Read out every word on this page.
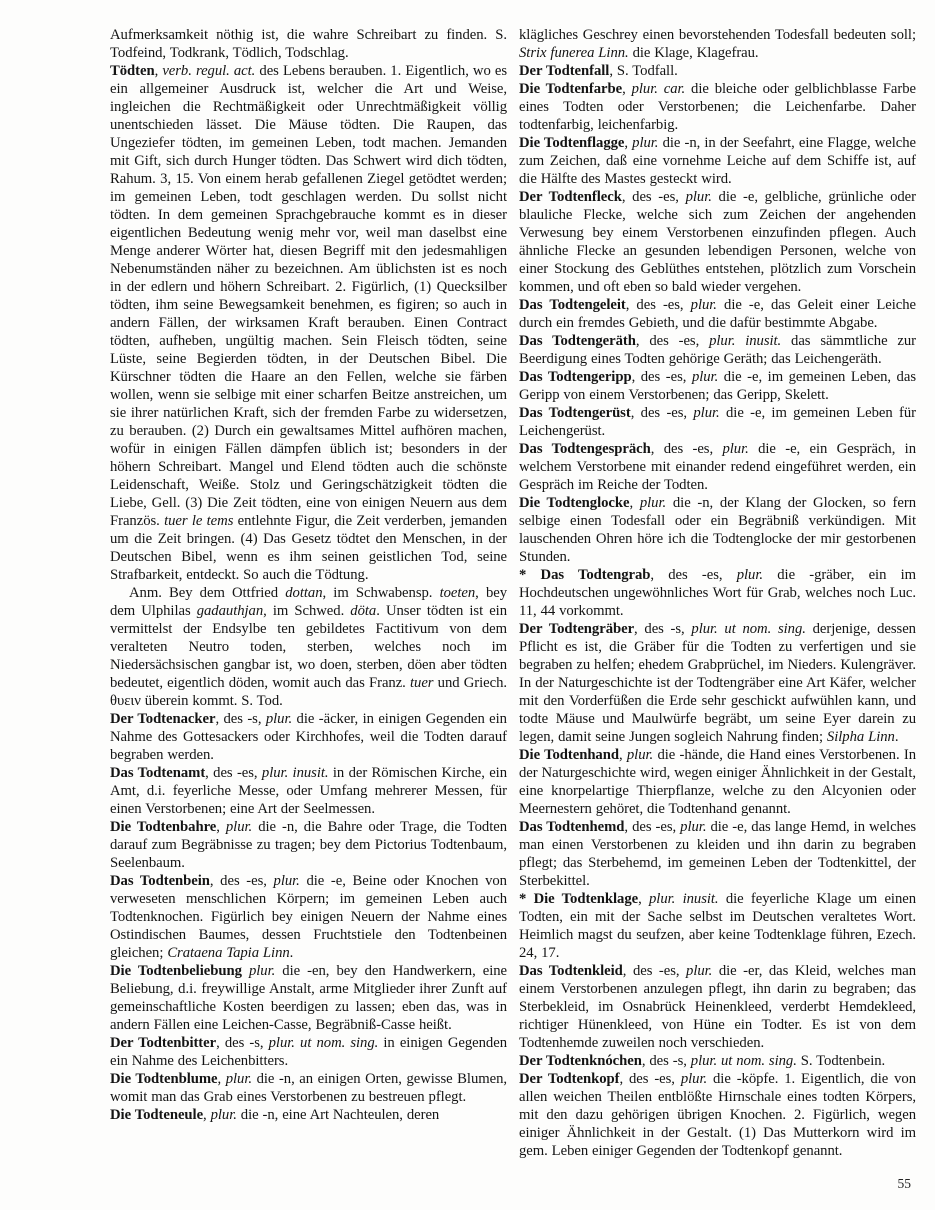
Aufmerksamkeit nöthig ist, die wahre Schreibart zu finden. S. Todfeind, Todkrank, Tödlich, Todschlag.

Tödten, verb. regul. act. des Lebens berauben. 1. Eigentlich, wo es ein allgemeiner Ausdruck ist, welcher die Art und Weise, ingleichen die Rechtmäßigkeit oder Unrechtmäßigkeit völlig unentschieden lässet. Die Mäuse tödten. Die Raupen, das Ungeziefer tödten, im gemeinen Leben, todt machen. Jemanden mit Gift, sich durch Hunger tödten. Das Schwert wird dich tödten, Rahum. 3, 15. Von einem herab gefallenen Ziegel getödtet werden; im gemeinen Leben, todt geschlagen werden. Du sollst nicht tödten. In dem gemeinen Sprachgebrauche kommt es in dieser eigentlichen Bedeutung wenig mehr vor, weil man daselbst eine Menge anderer Wörter hat, diesen Begriff mit den jedesmahligen Nebenumständen näher zu bezeichnen. Am üblichsten ist es noch in der edlern und höhern Schreibart. 2. Figürlich, (1) Quecksilber tödten, ihm seine Bewegsamkeit benehmen, es figiren; so auch in andern Fällen, der wirksamen Kraft berauben. Einen Contract tödten, aufheben, ungültig machen. Sein Fleisch tödten, seine Lüste, seine Begierden tödten, in der Deutschen Bibel. Die Kürschner tödten die Haare an den Fellen, welche sie färben wollen, wenn sie selbige mit einer scharfen Beitze anstreichen, um sie ihrer natürlichen Kraft, sich der fremden Farbe zu widersetzen, zu berauben. (2) Durch ein gewaltsames Mittel aufhören machen, wofür in einigen Fällen dämpfen üblich ist; besonders in der höhern Schreibart. Mangel und Elend tödten auch die schönste Leidenschaft, Weiße. Stolz und Geringschätzigkeit tödten die Liebe, Gell. (3) Die Zeit tödten, eine von einigen Neuern aus dem Französ. tuer le tems entlehnte Figur, die Zeit verderben, jemanden um die Zeit bringen. (4) Das Gesetz tödtet den Menschen, in der Deutschen Bibel, wenn es ihm seinen geistlichen Tod, seine Strafbarkeit, entdeckt. So auch die Tödtung.

Anm. Bey dem Ottfried dottan, im Schwabensp. toeten, bey dem Ulphilas gadauthjan, im Schwed. döta. Unser tödten ist ein vermittelst der Endsylbe ten gebildetes Factitivum von dem veralteten Neutro toden, sterben, welches noch im Niedersächsischen gangbar ist, wo doen, sterben, döen aber tödten bedeutet, eigentlich döden, womit auch das Franz. tuer und Griech. θυειν überein kommt. S. Tod.

Der Todtenacker, des -s, plur. die -äcker, in einigen Gegenden ein Nahme des Gottesackers oder Kirchhofes, weil die Todten darauf begraben werden.

Das Todtenamt, des -es, plur. inusit. in der Römischen Kirche, ein Amt, d.i. feyerliche Messe, oder Umfang mehrerer Messen, für einen Verstorbenen; eine Art der Seelmessen.

Die Todtenbahre, plur. die -n, die Bahre oder Trage, die Todten darauf zum Begräbnisse zu tragen; bey dem Pictorius Todtenbaum, Seelenbaum.

Das Todtenbein, des -es, plur. die -e, Beine oder Knochen von verweseten menschlichen Körpern; im gemeinen Leben auch Todtenknochen. Figürlich bey einigen Neuern der Nahme eines Ostindischen Baumes, dessen Fruchtstiele den Todtenbeinen gleichen; Crataena Tapia Linn.

Die Todtenbeliebung plur. die -en, bey den Handwerkern, eine Beliebung, d.i. freywillige Anstalt, arme Mitglieder ihrer Zunft auf gemeinschaftliche Kosten beerdigen zu lassen; eben das, was in andern Fällen eine Leichen-Casse, Begräbniß-Casse heißt.

Der Todtenbitter, des -s, plur. ut nom. sing. in einigen Gegenden ein Nahme des Leichenbitters.

Die Todtenblume, plur. die -n, an einigen Orten, gewisse Blumen, womit man das Grab eines Verstorbenen zu bestreuen pflegt.

Die Todteneule, plur. die -n, eine Art Nachteulen, deren

klägliches Geschrey einen bevorstehenden Todesfall bedeuten soll; Strix funerea Linn. die Klage, Klagefrau.

Der Todtenfall, S. Todfall.

Die Todtenfarbe, plur. car. die bleiche oder gelblichblasse Farbe eines Todten oder Verstorbenen; die Leichenfarbe. Daher todtenfarbig, leichenfarbig.

Die Todtenflagge, plur. die -n, in der Seefahrt, eine Flagge, welche zum Zeichen, daß eine vornehme Leiche auf dem Schiffe ist, auf die Hälfte des Mastes gesteckt wird.

Der Todtenfleck, des -es, plur. die -e, gelbliche, grünliche oder blauliche Flecke, welche sich zum Zeichen der angehenden Verwesung bey einem Verstorbenen einzufinden pflegen. Auch ähnliche Flecke an gesunden lebendigen Personen, welche von einer Stockung des Geblüthes entstehen, plötzlich zum Vorschein kommen, und oft eben so bald wieder vergehen.

Das Todtengeleit, des -es, plur. die -e, das Geleit einer Leiche durch ein fremdes Gebieth, und die dafür bestimmte Abgabe.

Das Todtengeräth, des -es, plur. inusit. das sämmtliche zur Beerdigung eines Todten gehörige Geräth; das Leichengeräth.

Das Todtengeripp, des -es, plur. die -e, im gemeinen Leben, das Geripp von einem Verstorbenen; das Geripp, Skelett.

Das Todtengerüst, des -es, plur. die -e, im gemeinen Leben für Leichengerüst.

Das Todtengespräch, des -es, plur. die -e, ein Gespräch, in welchem Verstorbene mit einander redend eingeführet werden, ein Gespräch im Reiche der Todten.

Die Todtenglocke, plur. die -n, der Klang der Glocken, so fern selbige einen Todesfall oder ein Begräbniß verkündigen. Mit lauschenden Ohren höre ich die Todtenglocke der mir gestorbenen Stunden.

* Das Todtengrab, des -es, plur. die -gräber, ein im Hochdeutschen ungewöhnliches Wort für Grab, welches noch Luc. 11, 44 vorkommt.

Der Todtengräber, des -s, plur. ut nom. sing. derjenige, dessen Pflicht es ist, die Gräber für die Todten zu verfertigen und sie begraben zu helfen; ehedem Grabprüchel, im Nieders. Kulengräver. In der Naturgeschichte ist der Todtengräber eine Art Käfer, welcher mit den Vorderfüßen die Erde sehr geschickt aufwühlen kann, und todte Mäuse und Maulwürfe begräbt, um seine Eyer darein zu legen, damit seine Jungen sogleich Nahrung finden; Silpha Linn.

Die Todtenhand, plur. die -hände, die Hand eines Verstorbenen. In der Naturgeschichte wird, wegen einiger Ähnlichkeit in der Gestalt, eine knorpelartige Thierpflanze, welche zu den Alcyonien oder Meernestern gehöret, die Todtenhand genannt.

Das Todtenhemd, des -es, plur. die -e, das lange Hemd, in welches man einen Verstorbenen zu kleiden und ihn darin zu begraben pflegt; das Sterbehemd, im gemeinen Leben der Todtenkittel, der Sterbekittel.

* Die Todtenklage, plur. inusit. die feyerliche Klage um einen Todten, ein mit der Sache selbst im Deutschen veraltetes Wort. Heimlich magst du seufzen, aber keine Todtenklage führen, Ezech. 24, 17.

Das Todtenkleid, des -es, plur. die -er, das Kleid, welches man einem Verstorbenen anzulegen pflegt, ihn darin zu begraben; das Sterbekleid, im Osnabrück Heinenkleed, verderbt Hemdekleed, richtiger Hünenkleed, von Hüne ein Todter. Es ist von dem Todtenhemde zuweilen noch verschieden.

Der Todtenknóchen, des -s, plur. ut nom. sing. S. Todtenbein.

Der Todtenkopf, des -es, plur. die -köpfe. 1. Eigentlich, die von allen weichen Theilen entblößte Hirnschale eines todten Körpers, mit den dazu gehörigen übrigen Knochen. 2. Figürlich, wegen einiger Ähnlichkeit in der Gestalt. (1) Das Mutterkorn wird im gem. Leben einiger Gegenden der Todtenkopf genannt.

55
